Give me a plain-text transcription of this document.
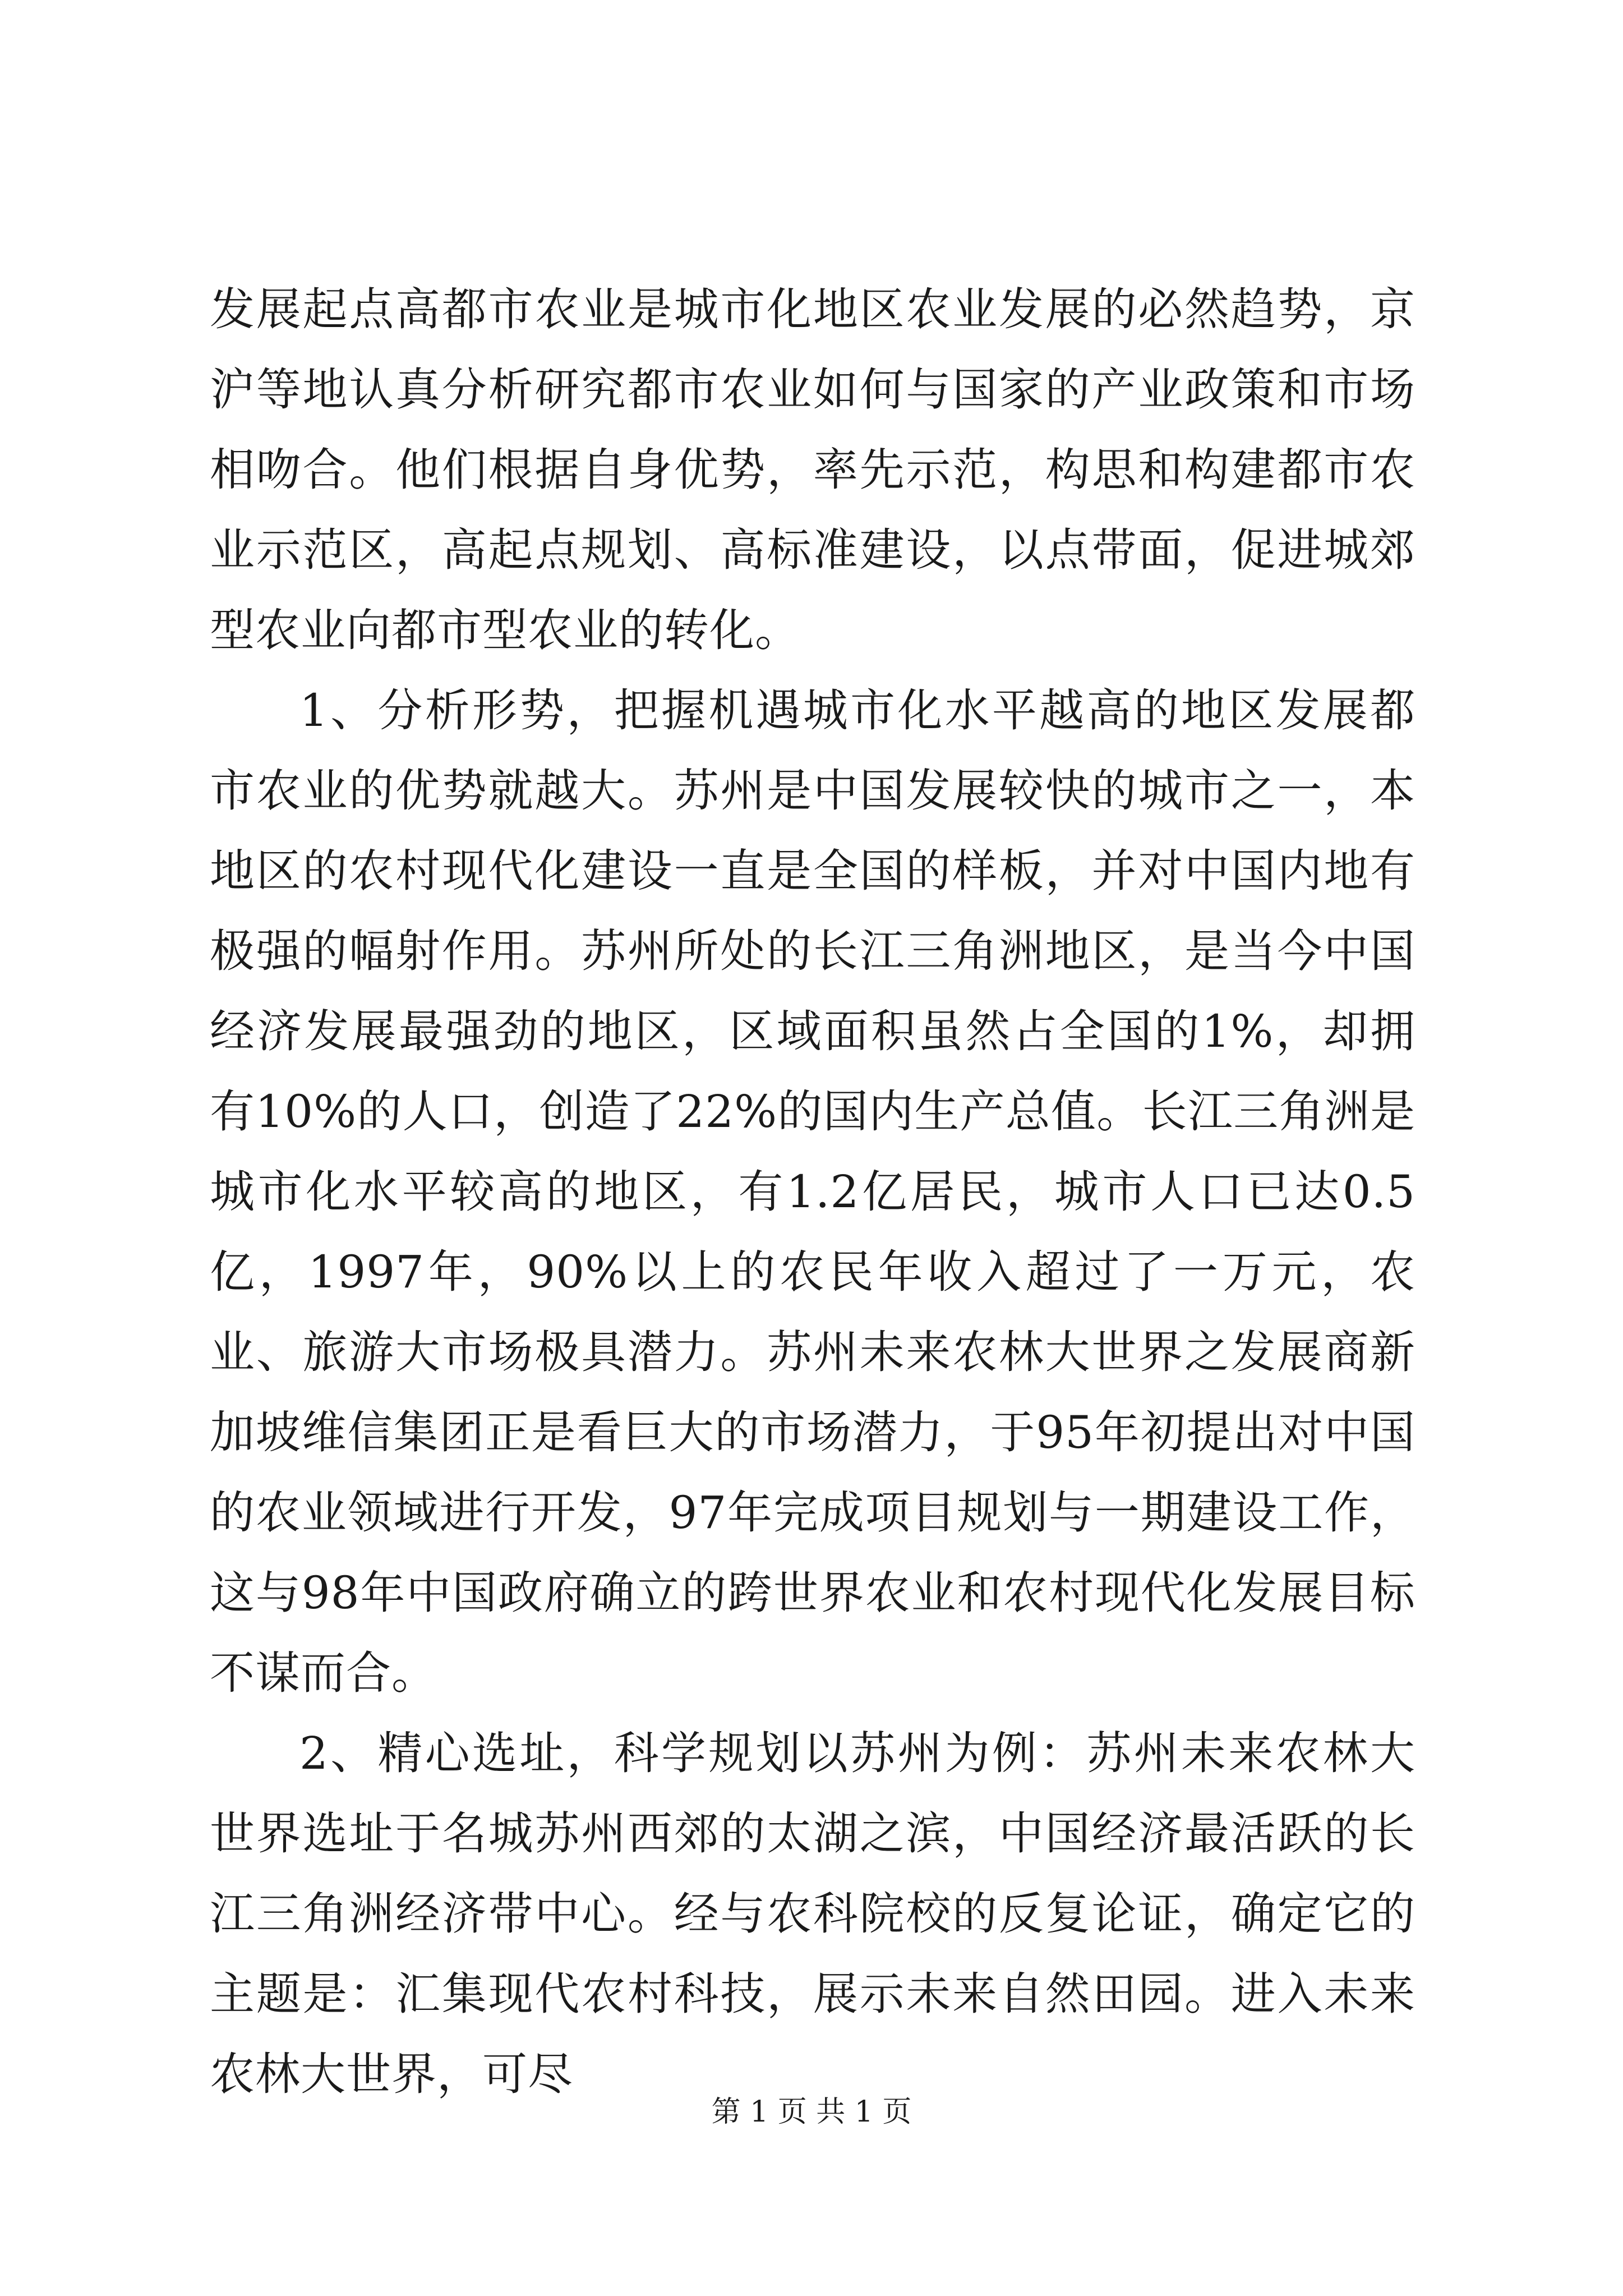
发展起点高都市农业是城市化地区农业发展的必然趋势，京沪等地认真分析研究都市农业如何与国家的产业政策和市场相吻合。他们根据自身优势，率先示范，构思和构建都市农业示范区，高起点规划、高标准建设，以点带面，促进城郊型农业向都市型农业的转化。

1、分析形势，把握机遇城市化水平越高的地区发展都市农业的优势就越大。苏州是中国发展较快的城市之一，本地区的农村现代化建设一直是全国的样板，并对中国内地有极强的幅射作用。苏州所处的长江三角洲地区，是当今中国经济发展最强劲的地区，区域面积虽然占全国的1%，却拥有10%的人口，创造了22%的国内生产总值。长江三角洲是城市化水平较高的地区，有1.2亿居民，城市人口已达0.5亿，1997年，90%以上的农民年收入超过了一万元，农业、旅游大市场极具潜力。苏州未来农林大世界之发展商新加坡维信集团正是看巨大的市场潜力，于95年初提出对中国的农业领域进行开发，97年完成项目规划与一期建设工作，这与98年中国政府确立的跨世界农业和农村现代化发展目标不谋而合。

2、精心选址，科学规划以苏州为例：苏州未来农林大世界选址于名城苏州西郊的太湖之滨，中国经济最活跃的长江三角洲经济带中心。经与农科院校的反复论证，确定它的主题是：汇集现代农村科技，展示未来自然田园。进入未来农林大世界，可尽

第 1 页 共 1 页
